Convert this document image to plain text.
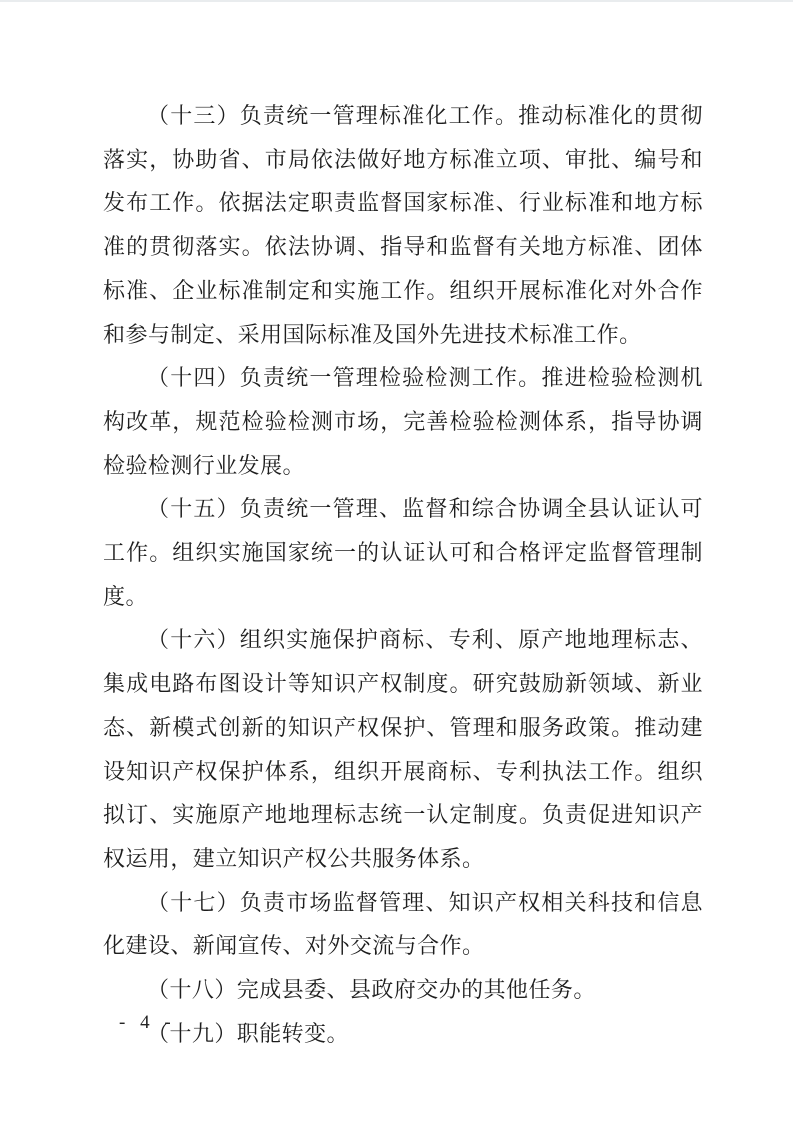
（十三）负责统一管理标准化工作。推动标准化的贯彻落实，协助省、市局依法做好地方标准立项、审批、编号和发布工作。依据法定职责监督国家标准、行业标准和地方标准的贯彻落实。依法协调、指导和监督有关地方标准、团体标准、企业标准制定和实施工作。组织开展标准化对外合作和参与制定、采用国际标准及国外先进技术标准工作。

（十四）负责统一管理检验检测工作。推进检验检测机构改革，规范检验检测市场，完善检验检测体系，指导协调检验检测行业发展。

（十五）负责统一管理、监督和综合协调全县认证认可工作。组织实施国家统一的认证认可和合格评定监督管理制度。

（十六）组织实施保护商标、专利、原产地地理标志、集成电路布图设计等知识产权制度。研究鼓励新领域、新业态、新模式创新的知识产权保护、管理和服务政策。推动建设知识产权保护体系，组织开展商标、专利执法工作。组织拟订、实施原产地地理标志统一认定制度。负责促进知识产权运用，建立知识产权公共服务体系。

（十七）负责市场监督管理、知识产权相关科技和信息化建设、新闻宣传、对外交流与合作。

（十八）完成县委、县政府交办的其他任务。

（十九）职能转变。

- 4 -
